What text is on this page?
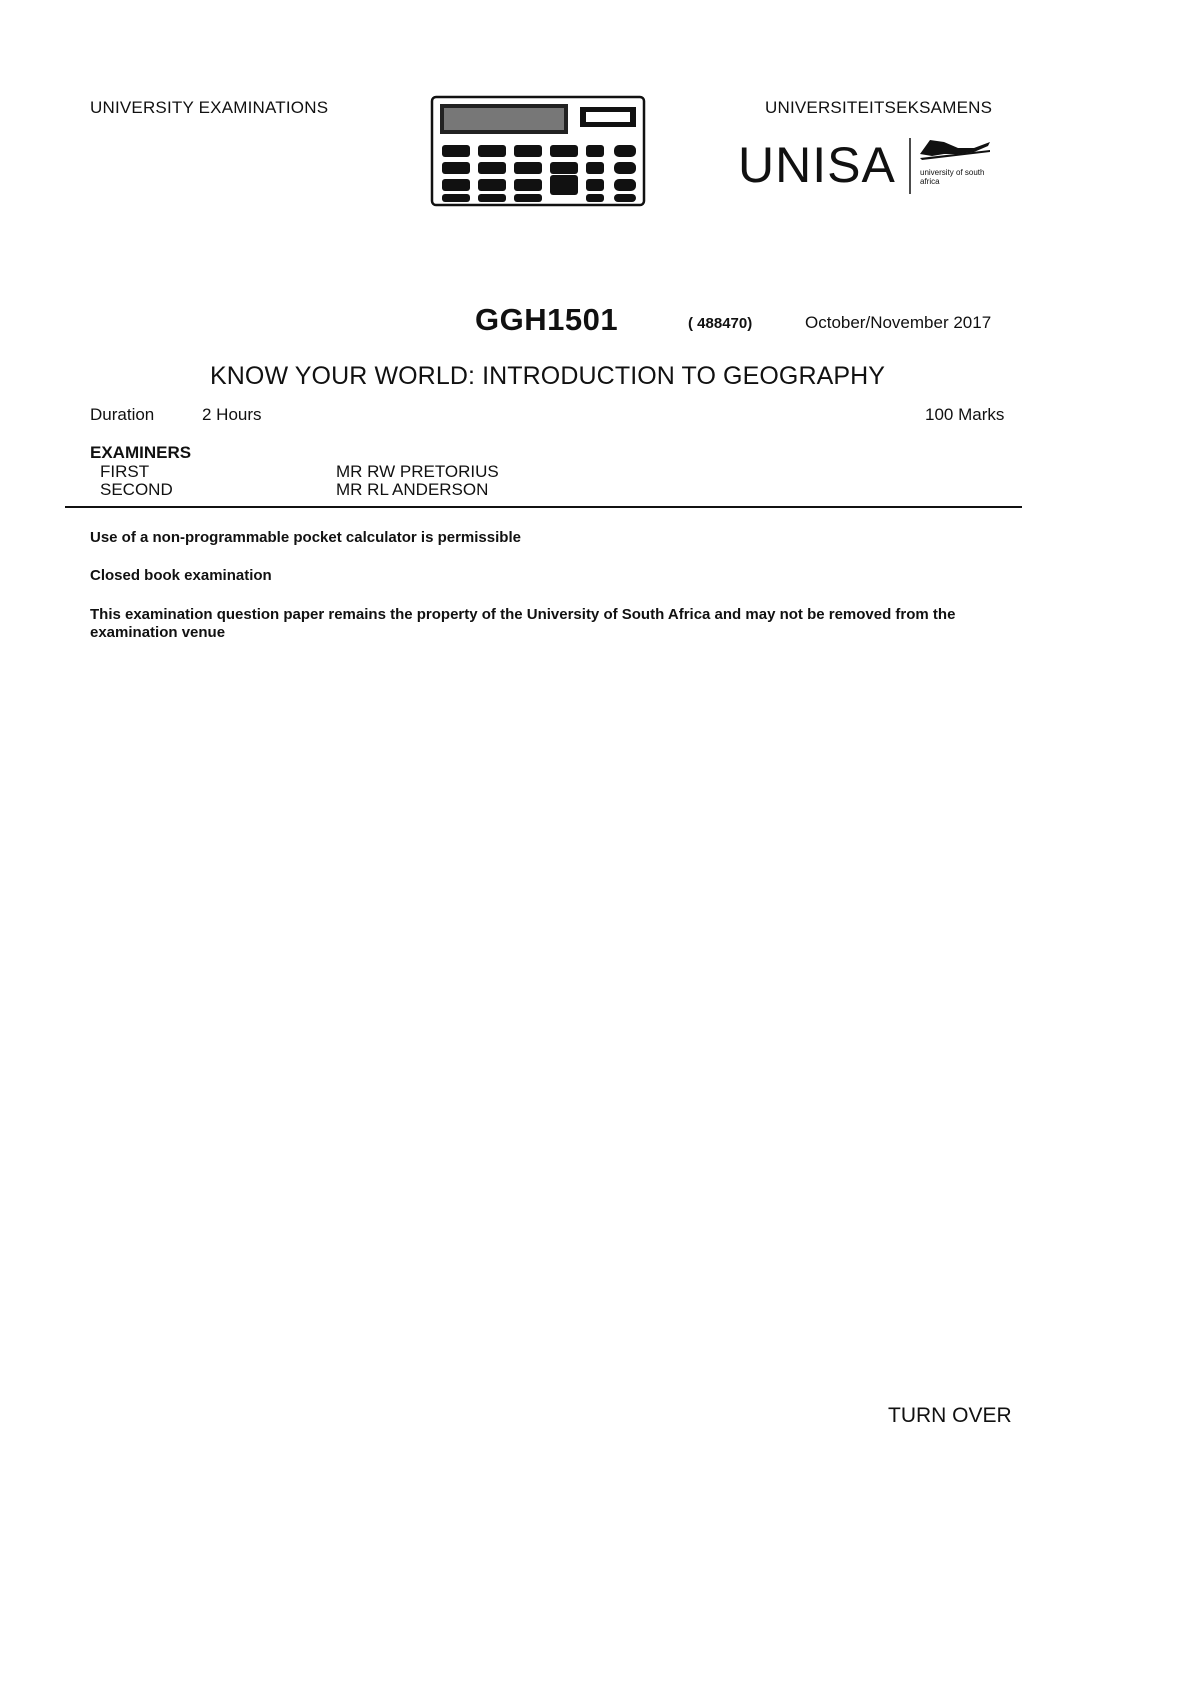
UNIVERSITY EXAMINATIONS	UNIVERSITEITSEKSAMENS
UNISA	university of south africa
GGH1501	( 488470)	October/November 2017
KNOW YOUR WORLD: INTRODUCTION TO GEOGRAPHY
Duration	2 Hours	100 Marks
EXAMINERS
FIRST	MR RW PRETORIUS
SECOND	MR RL ANDERSON
Use of a non-programmable pocket calculator is permissible
Closed book examination
This examination question paper remains the property of the University of South Africa and may not be removed from the examination venue
TURN OVER
